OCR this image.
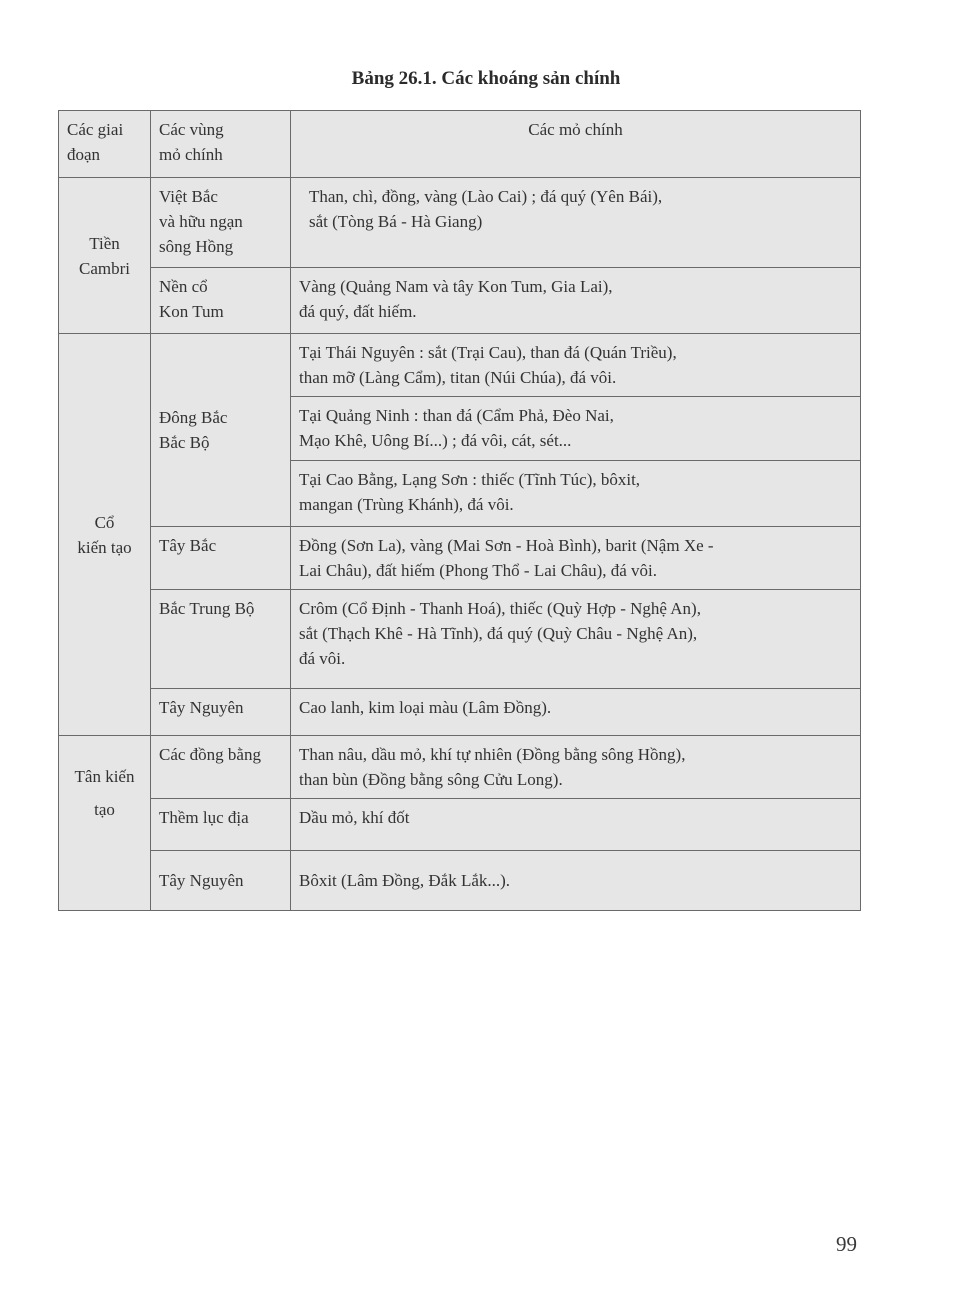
Bảng 26.1. Các khoáng sản chính
Các giai
đoạn	Các vùng
mỏ chính	Các mỏ chính

Tiền
Cambri	Việt Bắc
và hữu ngạn
sông Hồng	Than, chì, đồng, vàng (Lào Cai) ; đá quý (Yên Bái),
sắt (Tòng Bá - Hà Giang)

	Nền cổ
Kon Tum	Vàng (Quảng Nam và tây Kon Tum, Gia Lai),
đá quý, đất hiếm.

Cổ
kiến tạo	Đông Bắc
Bắc Bộ	Tại Thái Nguyên : sắt (Trại Cau), than đá (Quán Triều),
than mỡ (Làng Cẩm), titan (Núi Chúa), đá vôi.

		Tại Quảng Ninh : than đá (Cẩm Phả, Đèo Nai,
Mạo Khê, Uông Bí...) ; đá vôi, cát, sét...

		Tại Cao Bằng, Lạng Sơn : thiếc (Tĩnh Túc), bôxit,
mangan (Trùng Khánh), đá vôi.

	Tây Bắc	Đồng (Sơn La), vàng (Mai Sơn - Hoà Bình), barit (Nậm Xe -
Lai Châu), đất hiếm (Phong Thổ - Lai Châu), đá vôi.

	Bắc Trung Bộ	Crôm (Cổ Định - Thanh Hoá), thiếc (Quỳ Hợp - Nghệ An),
sắt (Thạch Khê - Hà Tĩnh), đá quý (Quỳ Châu - Nghệ An),
đá vôi.

	Tây Nguyên	Cao lanh, kim loại màu (Lâm Đồng).

Tân kiến
tạo	Các đồng bằng	Than nâu, dầu mỏ, khí tự nhiên (Đồng bằng sông Hồng),
than bùn (Đồng bằng sông Cửu Long).

	Thềm lục địa	Dầu mỏ, khí đốt

	Tây Nguyên	Bôxit (Lâm Đồng, Đắk Lắk...).
99
